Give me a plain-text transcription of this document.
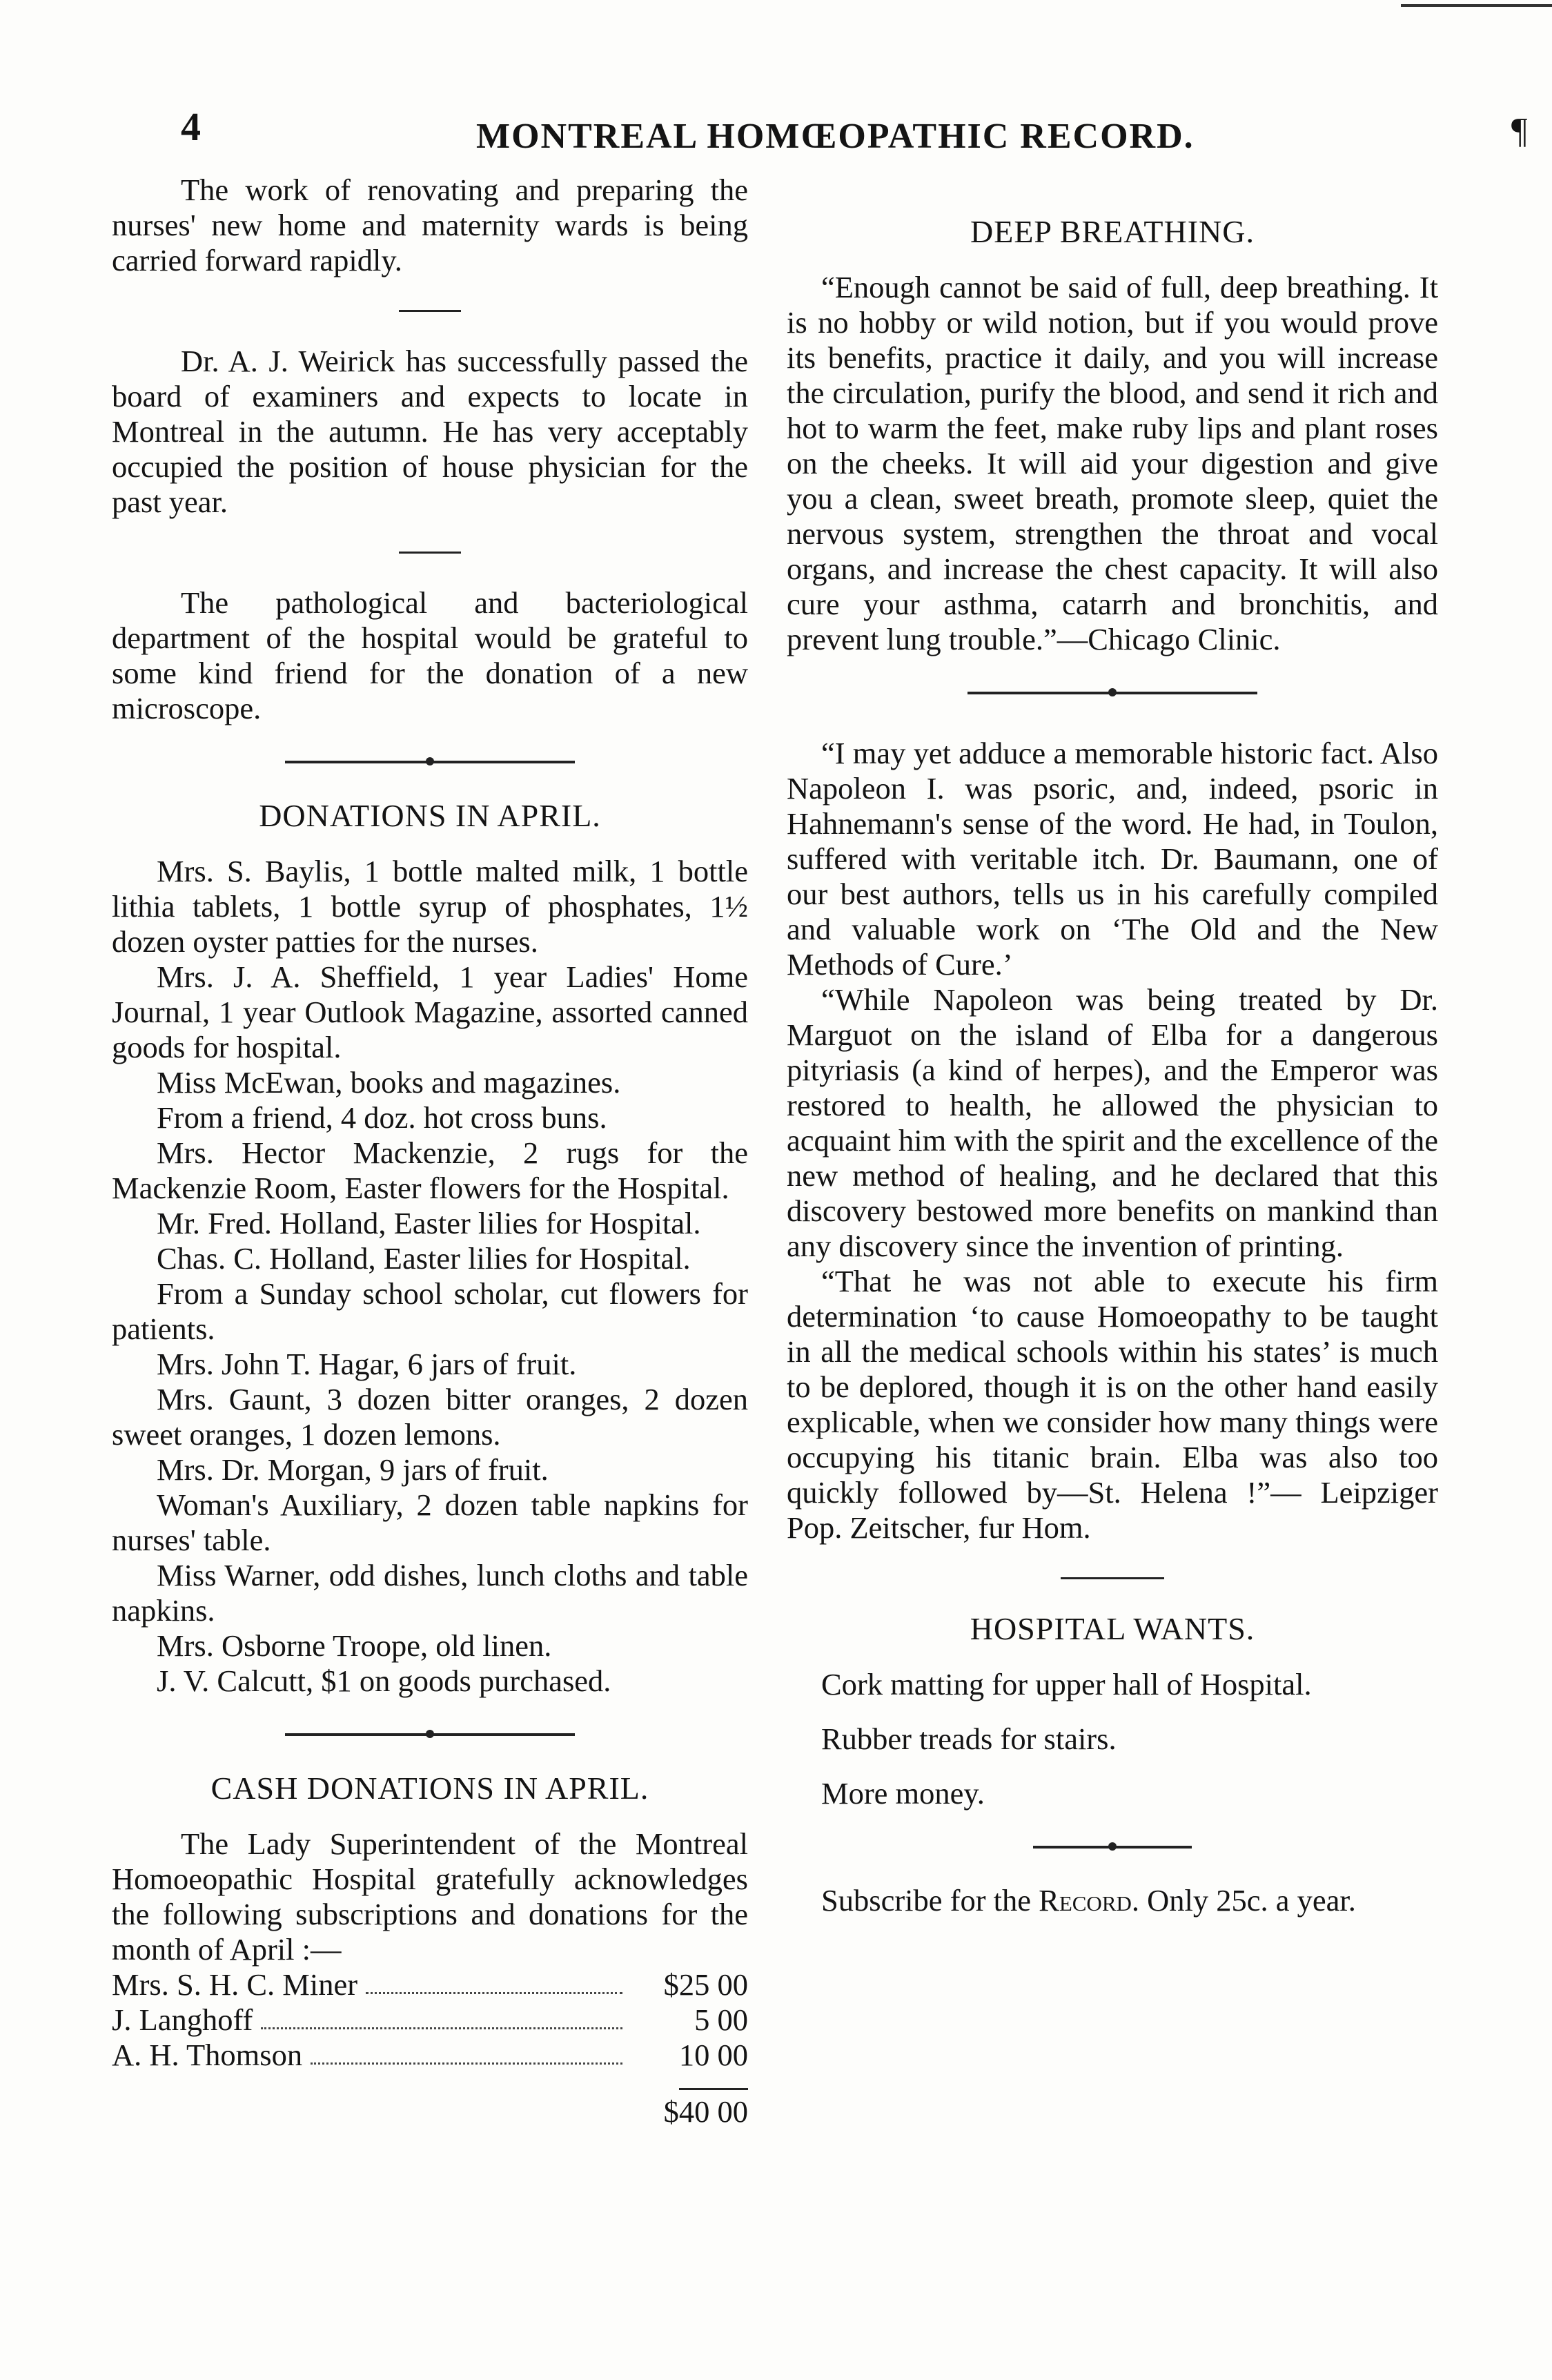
4	MONTREAL HOMŒOPATHIC RECORD.	¶

The work of renovating and preparing the nurses' new home and maternity wards is being carried forward rapidly.

Dr. A. J. Weirick has successfully passed the board of examiners and expects to locate in Montreal in the autumn. He has very acceptably occupied the position of house physician for the past year.

The pathological and bacteriological department of the hospital would be grateful to some kind friend for the donation of a new microscope.

DONATIONS IN APRIL.

Mrs. S. Baylis, 1 bottle malted milk, 1 bottle lithia tablets, 1 bottle syrup of phosphates, 1½ dozen oyster patties for the nurses.

Mrs. J. A. Sheffield, 1 year Ladies' Home Journal, 1 year Outlook Magazine, assorted canned goods for hospital.

Miss McEwan, books and magazines.

From a friend, 4 doz. hot cross buns.

Mrs. Hector Mackenzie, 2 rugs for the Mackenzie Room, Easter flowers for the Hospital.

Mr. Fred. Holland, Easter lilies for Hospital.

Chas. C. Holland, Easter lilies for Hospital.

From a Sunday school scholar, cut flowers for patients.

Mrs. John T. Hagar, 6 jars of fruit.

Mrs. Gaunt, 3 dozen bitter oranges, 2 dozen sweet oranges, 1 dozen lemons.

Mrs. Dr. Morgan, 9 jars of fruit.

Woman's Auxiliary, 2 dozen table napkins for nurses' table.

Miss Warner, odd dishes, lunch cloths and table napkins.

Mrs. Osborne Troope, old linen.

J. V. Calcutt, $1 on goods purchased.

CASH DONATIONS IN APRIL.

The Lady Superintendent of the Montreal Homoeopathic Hospital gratefully acknowledges the following subscriptions and donations for the month of April :—

Mrs. S. H. C. Miner	$25 00
J. Langhoff	5 00
A. H. Thomson	10 00

$40 00

DEEP BREATHING.

“Enough cannot be said of full, deep breathing. It is no hobby or wild notion, but if you would prove its benefits, practice it daily, and you will increase the circulation, purify the blood, and send it rich and hot to warm the feet, make ruby lips and plant roses on the cheeks. It will aid your digestion and give you a clean, sweet breath, promote sleep, quiet the nervous system, strengthen the throat and vocal organs, and increase the chest capacity. It will also cure your asthma, catarrh and bronchitis, and prevent lung trouble.”—Chicago Clinic.

“I may yet adduce a memorable historic fact. Also Napoleon I. was psoric, and, indeed, psoric in Hahnemann's sense of the word. He had, in Toulon, suffered with veritable itch. Dr. Baumann, one of our best authors, tells us in his carefully compiled and valuable work on ‘The Old and the New Methods of Cure.’

“While Napoleon was being treated by Dr. Marguot on the island of Elba for a dangerous pityriasis (a kind of herpes), and the Emperor was restored to health, he allowed the physician to acquaint him with the spirit and the excellence of the new method of healing, and he declared that this discovery bestowed more benefits on mankind than any discovery since the invention of printing.

“That he was not able to execute his firm determination ‘to cause Homoeopathy to be taught in all the medical schools within his states’ is much to be deplored, though it is on the other hand easily explicable, when we consider how many things were occupying his titanic brain. Elba was also too quickly followed by—St. Helena !”— Leipziger Pop. Zeitscher, fur Hom.

HOSPITAL WANTS.

Cork matting for upper hall of Hospital.

Rubber treads for stairs.

More money.

Subscribe for the Record. Only 25c. a year.
